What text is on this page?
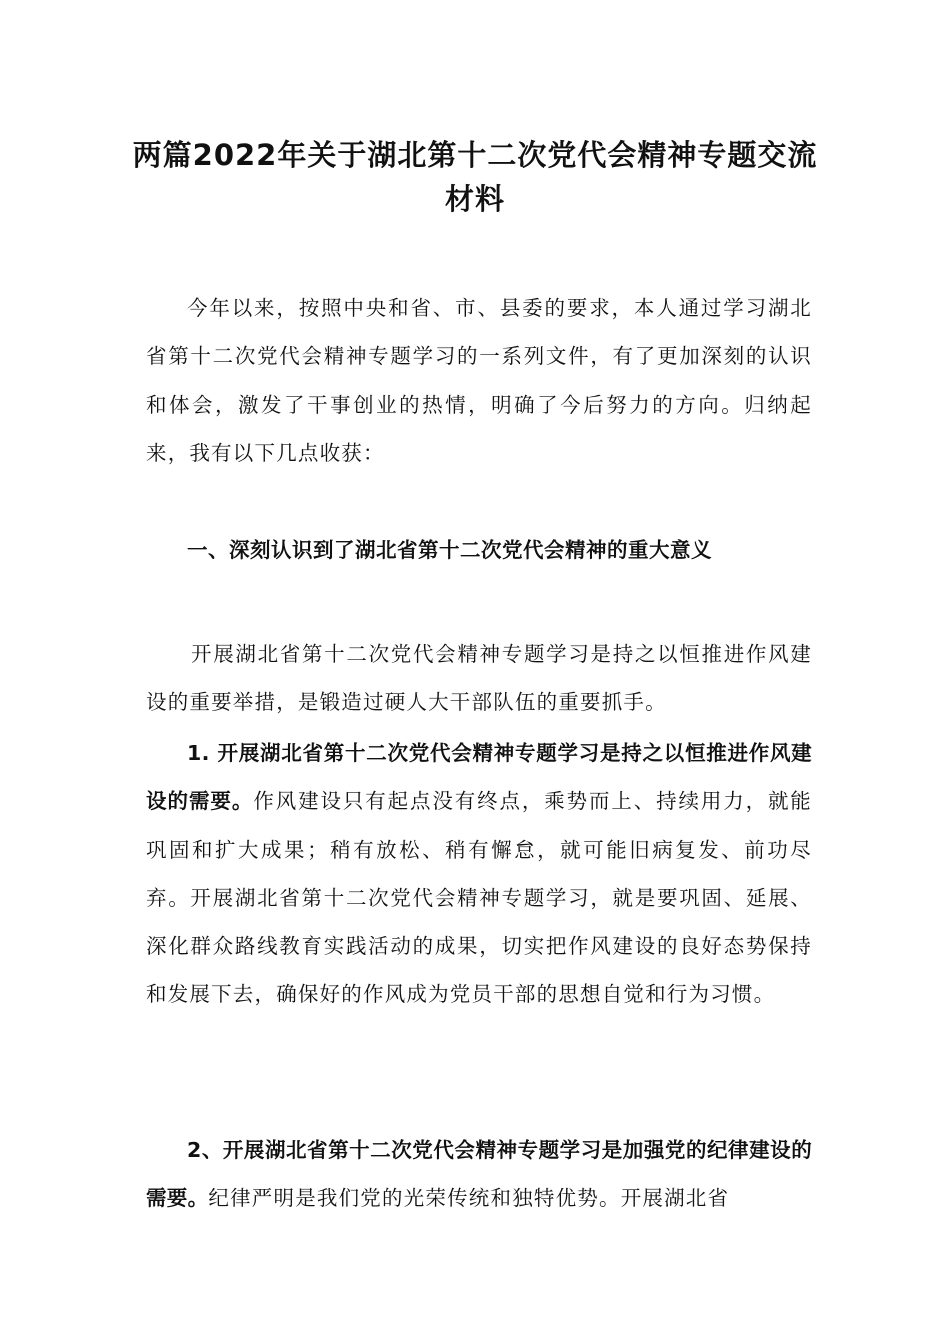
两篇2022年关于湖北第十二次党代会精神专题交流
材料

今年以来，按照中央和省、市、县委的要求，本人通过学习湖北省第十二次党代会精神专题学习的一系列文件，有了更加深刻的认识和体会，激发了干事创业的热情，明确了今后努力的方向。归纳起来，我有以下几点收获：

一、深刻认识到了湖北省第十二次党代会精神的重大意义

开展湖北省第十二次党代会精神专题学习是持之以恒推进作风建设的重要举措，是锻造过硬人大干部队伍的重要抓手。

1. 开展湖北省第十二次党代会精神专题学习是持之以恒推进作风建设的需要。作风建设只有起点没有终点，乘势而上、持续用力，就能巩固和扩大成果；稍有放松、稍有懈怠，就可能旧病复发、前功尽弃。开展湖北省第十二次党代会精神专题学习，就是要巩固、延展、深化群众路线教育实践活动的成果，切实把作风建设的良好态势保持和发展下去，确保好的作风成为党员干部的思想自觉和行为习惯。

2、开展湖北省第十二次党代会精神专题学习是加强党的纪律建设的需要。纪律严明是我们党的光荣传统和独特优势。开展湖北省
